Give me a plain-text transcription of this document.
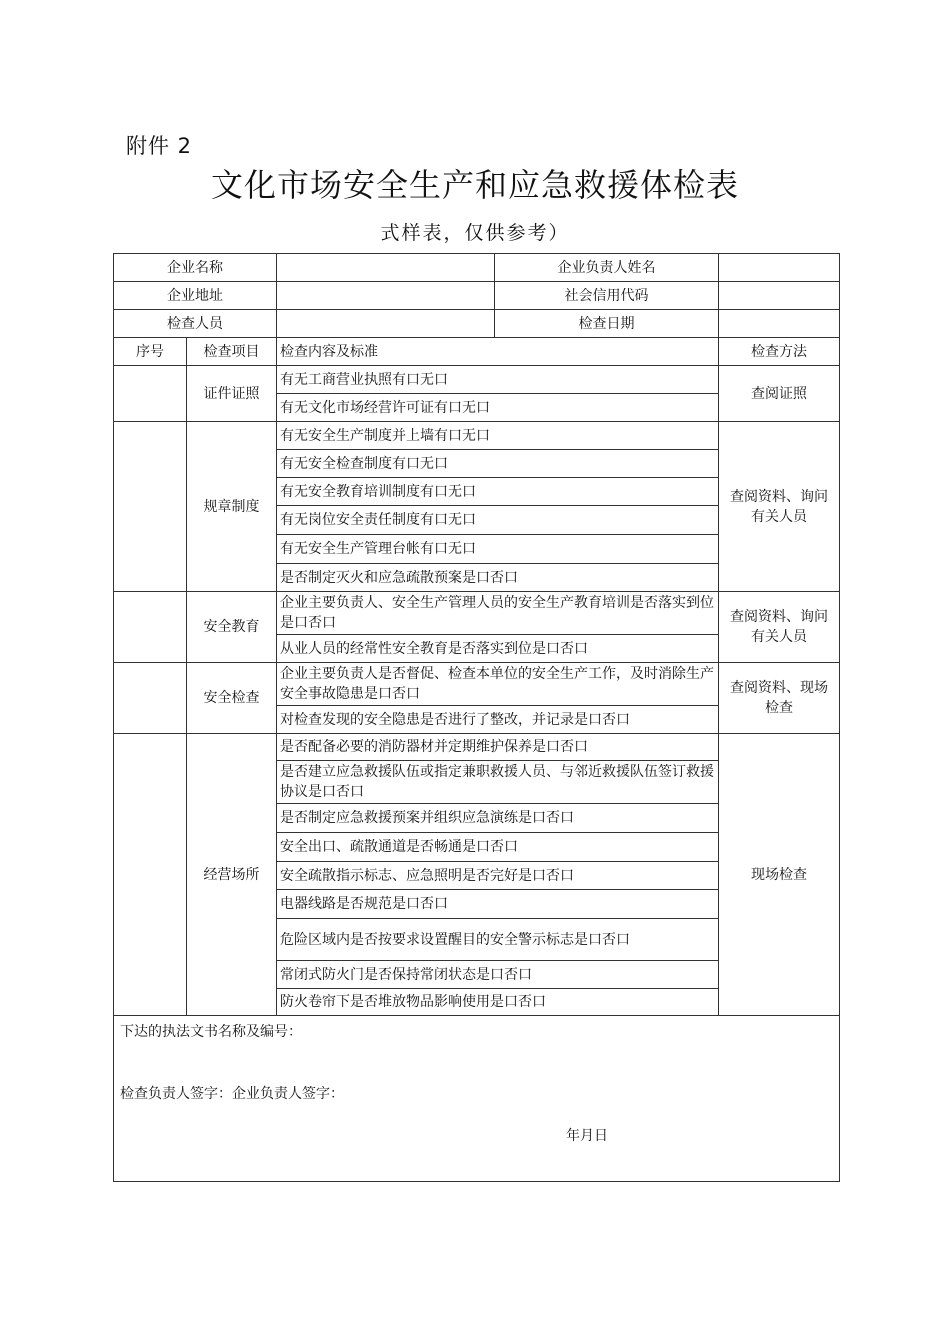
附件 2
文化市场安全生产和应急救援体检表
式样表，仅供参考）
企业名称			企业负责人姓名	
企业地址			社会信用代码	
检查人员			检查日期	
序号	检查项目	检查内容及标准		检查方法
	证件证照	有无工商营业执照有口无口		查阅证照
		有无文化市场经营许可证有口无口		
	规章制度	有无安全生产制度并上墙有口无口		查阅资料、询问有关人员
		有无安全检查制度有口无口		
		有无安全教育培训制度有口无口		
		有无岗位安全责任制度有口无口		
		有无安全生产管理台帐有口无口		
		是否制定灭火和应急疏散预案是口否口		
	安全教育	企业主要负责人、安全生产管理人员的安全生产教育培训是否落实到位是口否口		查阅资料、询问有关人员
		从业人员的经常性安全教育是否落实到位是口否口		
	安全检查	企业主要负责人是否督促、检查本单位的安全生产工作，及时消除生产安全事故隐患是口否口		查阅资料、现场检查
		对检查发现的安全隐患是否进行了整改，并记录是口否口		
	经营场所	是否配备必要的消防器材并定期维护保养是口否口		现场检查
		是否建立应急救援队伍或指定兼职救援人员、与邻近救援队伍签订救援协议是口否口		
		是否制定应急救援预案并组织应急演练是口否口		
		安全出口、疏散通道是否畅通是口否口		
		安全疏散指示标志、应急照明是否完好是口否口		
		电器线路是否规范是口否口		
		危险区域内是否按要求设置醒目的安全警示标志是口否口		
		常闭式防火门是否保持常闭状态是口否口		
		防火卷帘下是否堆放物品影响使用是口否口		

下达的执法文书名称及编号：
检查负责人签字：企业负责人签字：
年月日				
